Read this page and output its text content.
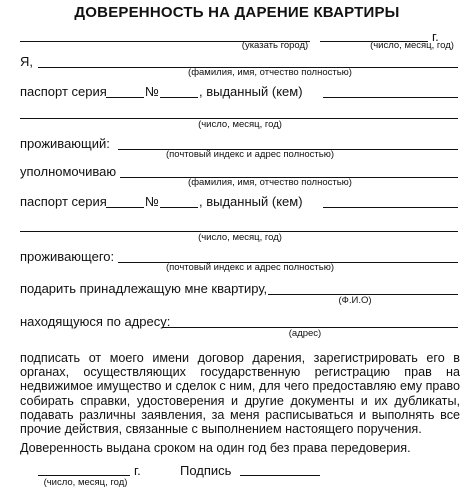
ДОВЕРЕННОСТЬ НА ДАРЕНИЕ КВАРТИРЫ
(указать город)
г.
(число, месяц, год)
Я,
(фамилия, имя, отчество полностью)
паспорт серия	№	, выданный (кем)
(число, месяц, год)
проживающий:
(почтовый индекс и адрес полностью)
уполномочиваю
(фамилия, имя, отчество полностью)
паспорт серия	№	, выданный (кем)
(число, месяц, год)
проживающего:
(почтовый индекс и адрес полностью)
подарить принадлежащую мне квартиру,
(Ф.И.О)
находящуюся по адресу:
(адрес)
подписать от моего имени договор дарения, зарегистрировать его в органах, осуществляющих государственную регистрацию прав на недвижимое имущество и сделок с ним, для чего предоставляю ему право собирать справки, удостоверения и другие документы и их дубликаты, подавать различны заявления, за меня расписываться и выполнять все прочие действия, связанные с выполнением настоящего поручения.
Доверенность выдана сроком на один год без права передоверия.
г.
(число, месяц, год)
Подпись
